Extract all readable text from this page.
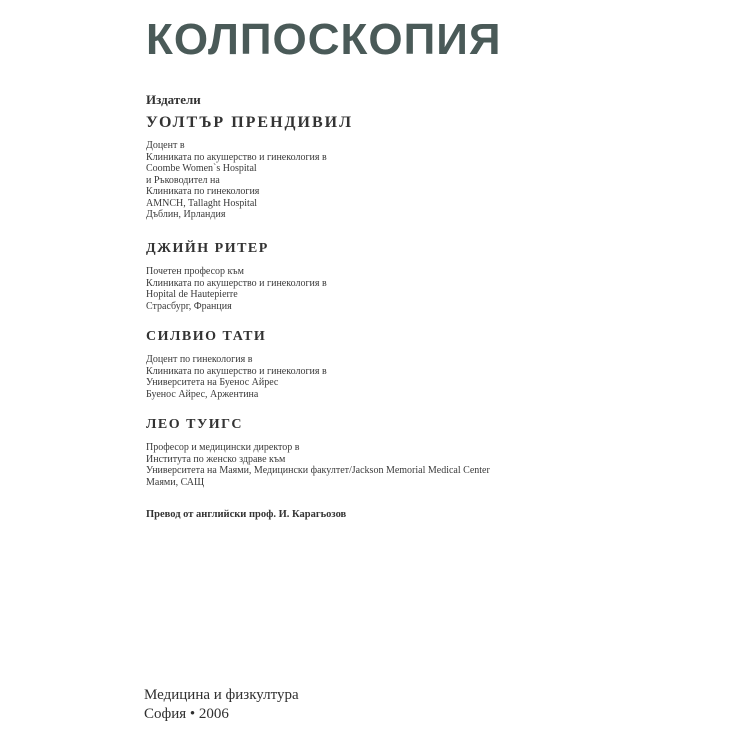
КОЛПОСКОПИЯ
Издатели
УОЛТЪР ПРЕНДИВИЛ

Доцент в

Клиниката по акушерство и гинекология в

Coombe Women`s Hospital

и Ръководител на

Клиниката по гинекология

AMNCH, Tallaght Hospital

Дъблин, Ирландия

ДЖИЙН РИТЕР

Почетен професор към

Клиниката по акушерство и гинекология в

Hopital de Hautepierre

Страсбург, Франция

СИЛВИО ТАТИ

Доцент по гинекология в

Клиниката по акушерство и гинекология в

Университета на Буенос Айрес

Буенос Айрес, Аржентина

ЛЕО ТУИГС

Професор и медицински директор в

Института по женско здраве към

Университета на Маями, Медицински факултет/Jackson Memorial Medical Center

Маями, САЩ

Превод от английски проф. И. Карагьозов
Медицина и физкултура
София • 2006
